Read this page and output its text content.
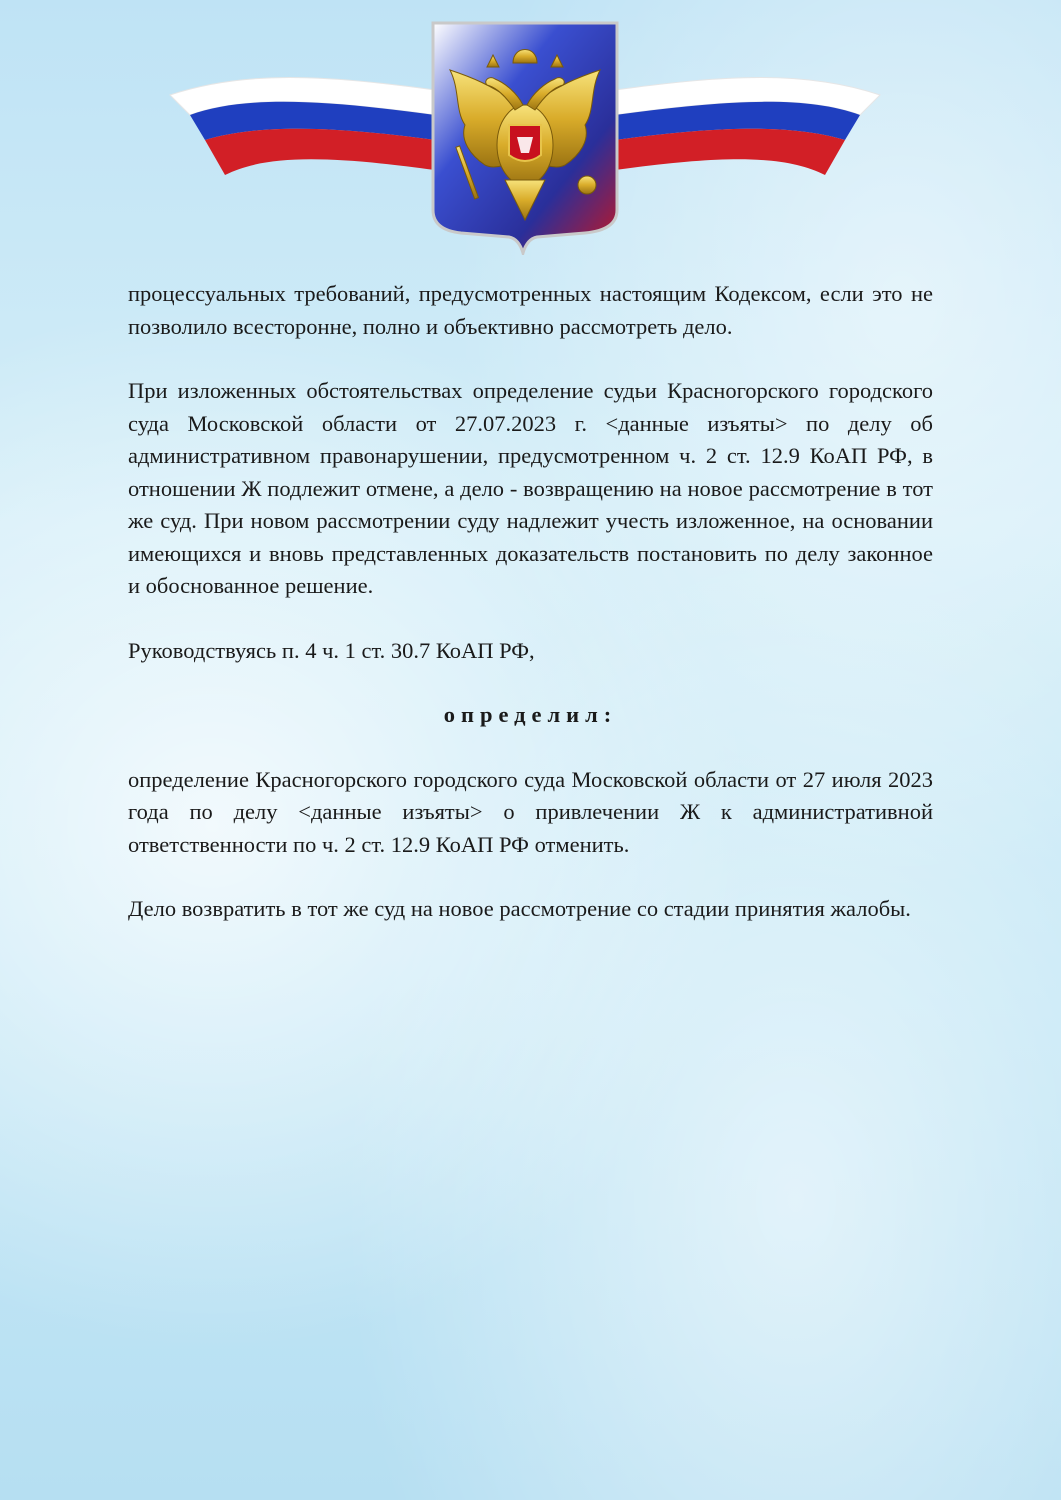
процессуальных требований, предусмотренных настоящим Кодексом, если это не позволило всесторонне, полно и объективно рассмотреть дело.

При изложенных обстоятельствах определение судьи Красногорского городского суда Московской области от 27.07.2023 г. <данные изъяты> по делу об административном правонарушении, предусмотренном ч. 2 ст. 12.9 КоАП РФ, в отношении Ж подлежит отмене, а дело - возвращению на новое рассмотрение в тот же суд. При новом рассмотрении суду надлежит учесть изложенное, на основании имеющихся и вновь представленных доказательств постановить по делу законное и обоснованное решение.

Руководствуясь п. 4 ч. 1 ст. 30.7 КоАП РФ,

определил:

определение Красногорского городского суда Московской области от 27 июля 2023 года по делу <данные изъяты> о привлечении Ж к административной ответственности по ч. 2 ст. 12.9 КоАП РФ отменить.

Дело возвратить в тот же суд на новое рассмотрение со стадии принятия жалобы.
